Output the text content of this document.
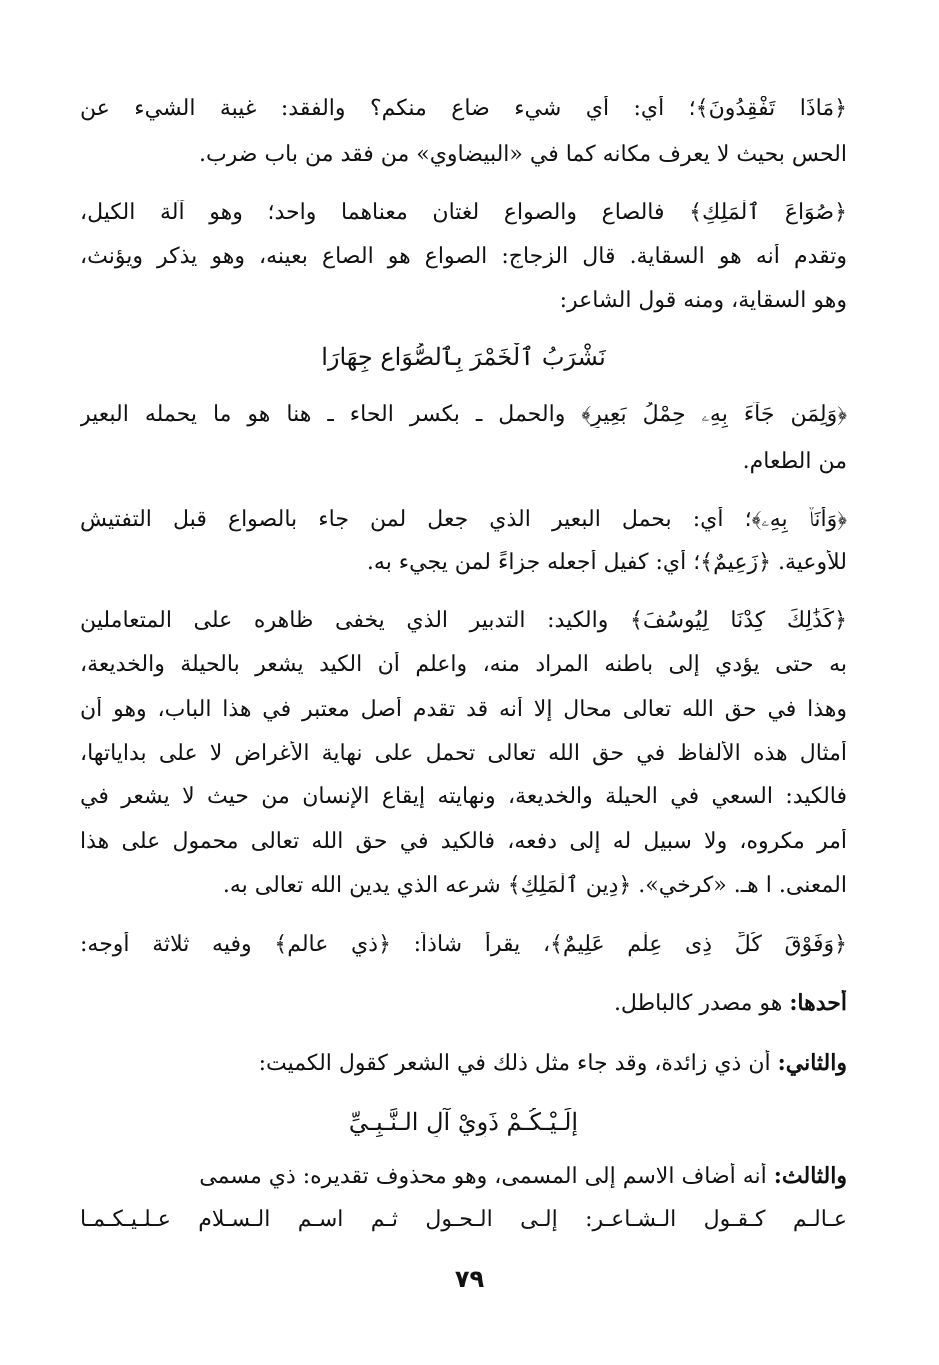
﴿مَاذَا تَفْقِدُونَ﴾؛ أي: أي شيء ضاع منكم؟ والفقد: غيبة الشيء عن
الحس بحيث لا يعرف مكانه كما في «البيضاوي» من فقد من باب ضرب.
﴿صُوَاعَ ٱلْمَلِكِ﴾ فالصاع والصواع لغتان معناهما واحد؛ وهو آلة الكيل،
وتقدم أنه هو السقاية. قال الزجاج: الصواع هو الصاع بعينه، وهو يذكر ويؤنث،
وهو السقاية، ومنه قول الشاعر:
نَشْرَبُ ٱلْخَمْرَ بِٱلصُّوَاعِ جِهَارَا
﴿وَلِمَن جَآءَ بِهِۦ حِمْلُ بَعِيرٍ﴾ والحمل ـ بكسر الحاء ـ هنا هو ما يحمله البعير
من الطعام.
﴿وَأَنَا۠ بِهِۦ﴾؛ أي: بحمل البعير الذي جعل لمن جاء بالصواع قبل التفتيش
للأوعية. ﴿زَعِيمٌ﴾؛ أي: كفيل أجعله جزاءً لمن يجيء به.
﴿كَذَٰلِكَ كِدْنَا لِيُوسُفَ﴾ والكيد: التدبير الذي يخفى ظاهره على المتعاملين
به حتى يؤدي إلى باطنه المراد منه، واعلم أن الكيد يشعر بالحيلة والخديعة،
وهذا في حق الله تعالى محال إلا أنه قد تقدم أصل معتبر في هذا الباب، وهو أن
أمثال هذه الألفاظ في حق الله تعالى تحمل على نهاية الأغراض لا على بداياتها،
فالكيد: السعي في الحيلة والخديعة، ونهايته إيقاع الإنسان من حيث لا يشعر في
أمر مكروه، ولا سبيل له إلى دفعه، فالكيد في حق الله تعالى محمول على هذا
المعنى. ا هـ. «كرخي». ﴿دِينِ ٱلْمَلِكِ﴾ شرعه الذي يدين الله تعالى به.
﴿وَفَوْقَ كُلِّ ذِى عِلْمٍ عَلِيمٌ﴾، يقرأ شاذاً: ﴿ذي عالم﴾ وفيه ثلاثة أوجه:
أحدها: هو مصدر كالباطل.
والثاني: أن ذي زائدة، وقد جاء مثل ذلك في الشعر كقول الكميت:
إِلَـيْـكُـمْ ذَوِيْ آلِ الـنَّـبِـيِّ
والثالث: أنه أضاف الاسم إلى المسمى، وهو محذوف تقديره: ذي مسمى
عـالـم كـقـول الـشـاعـر: إلـى الـحـول ثـم اسـم الـسـلام عـلـيـكـمـا
٧٩
